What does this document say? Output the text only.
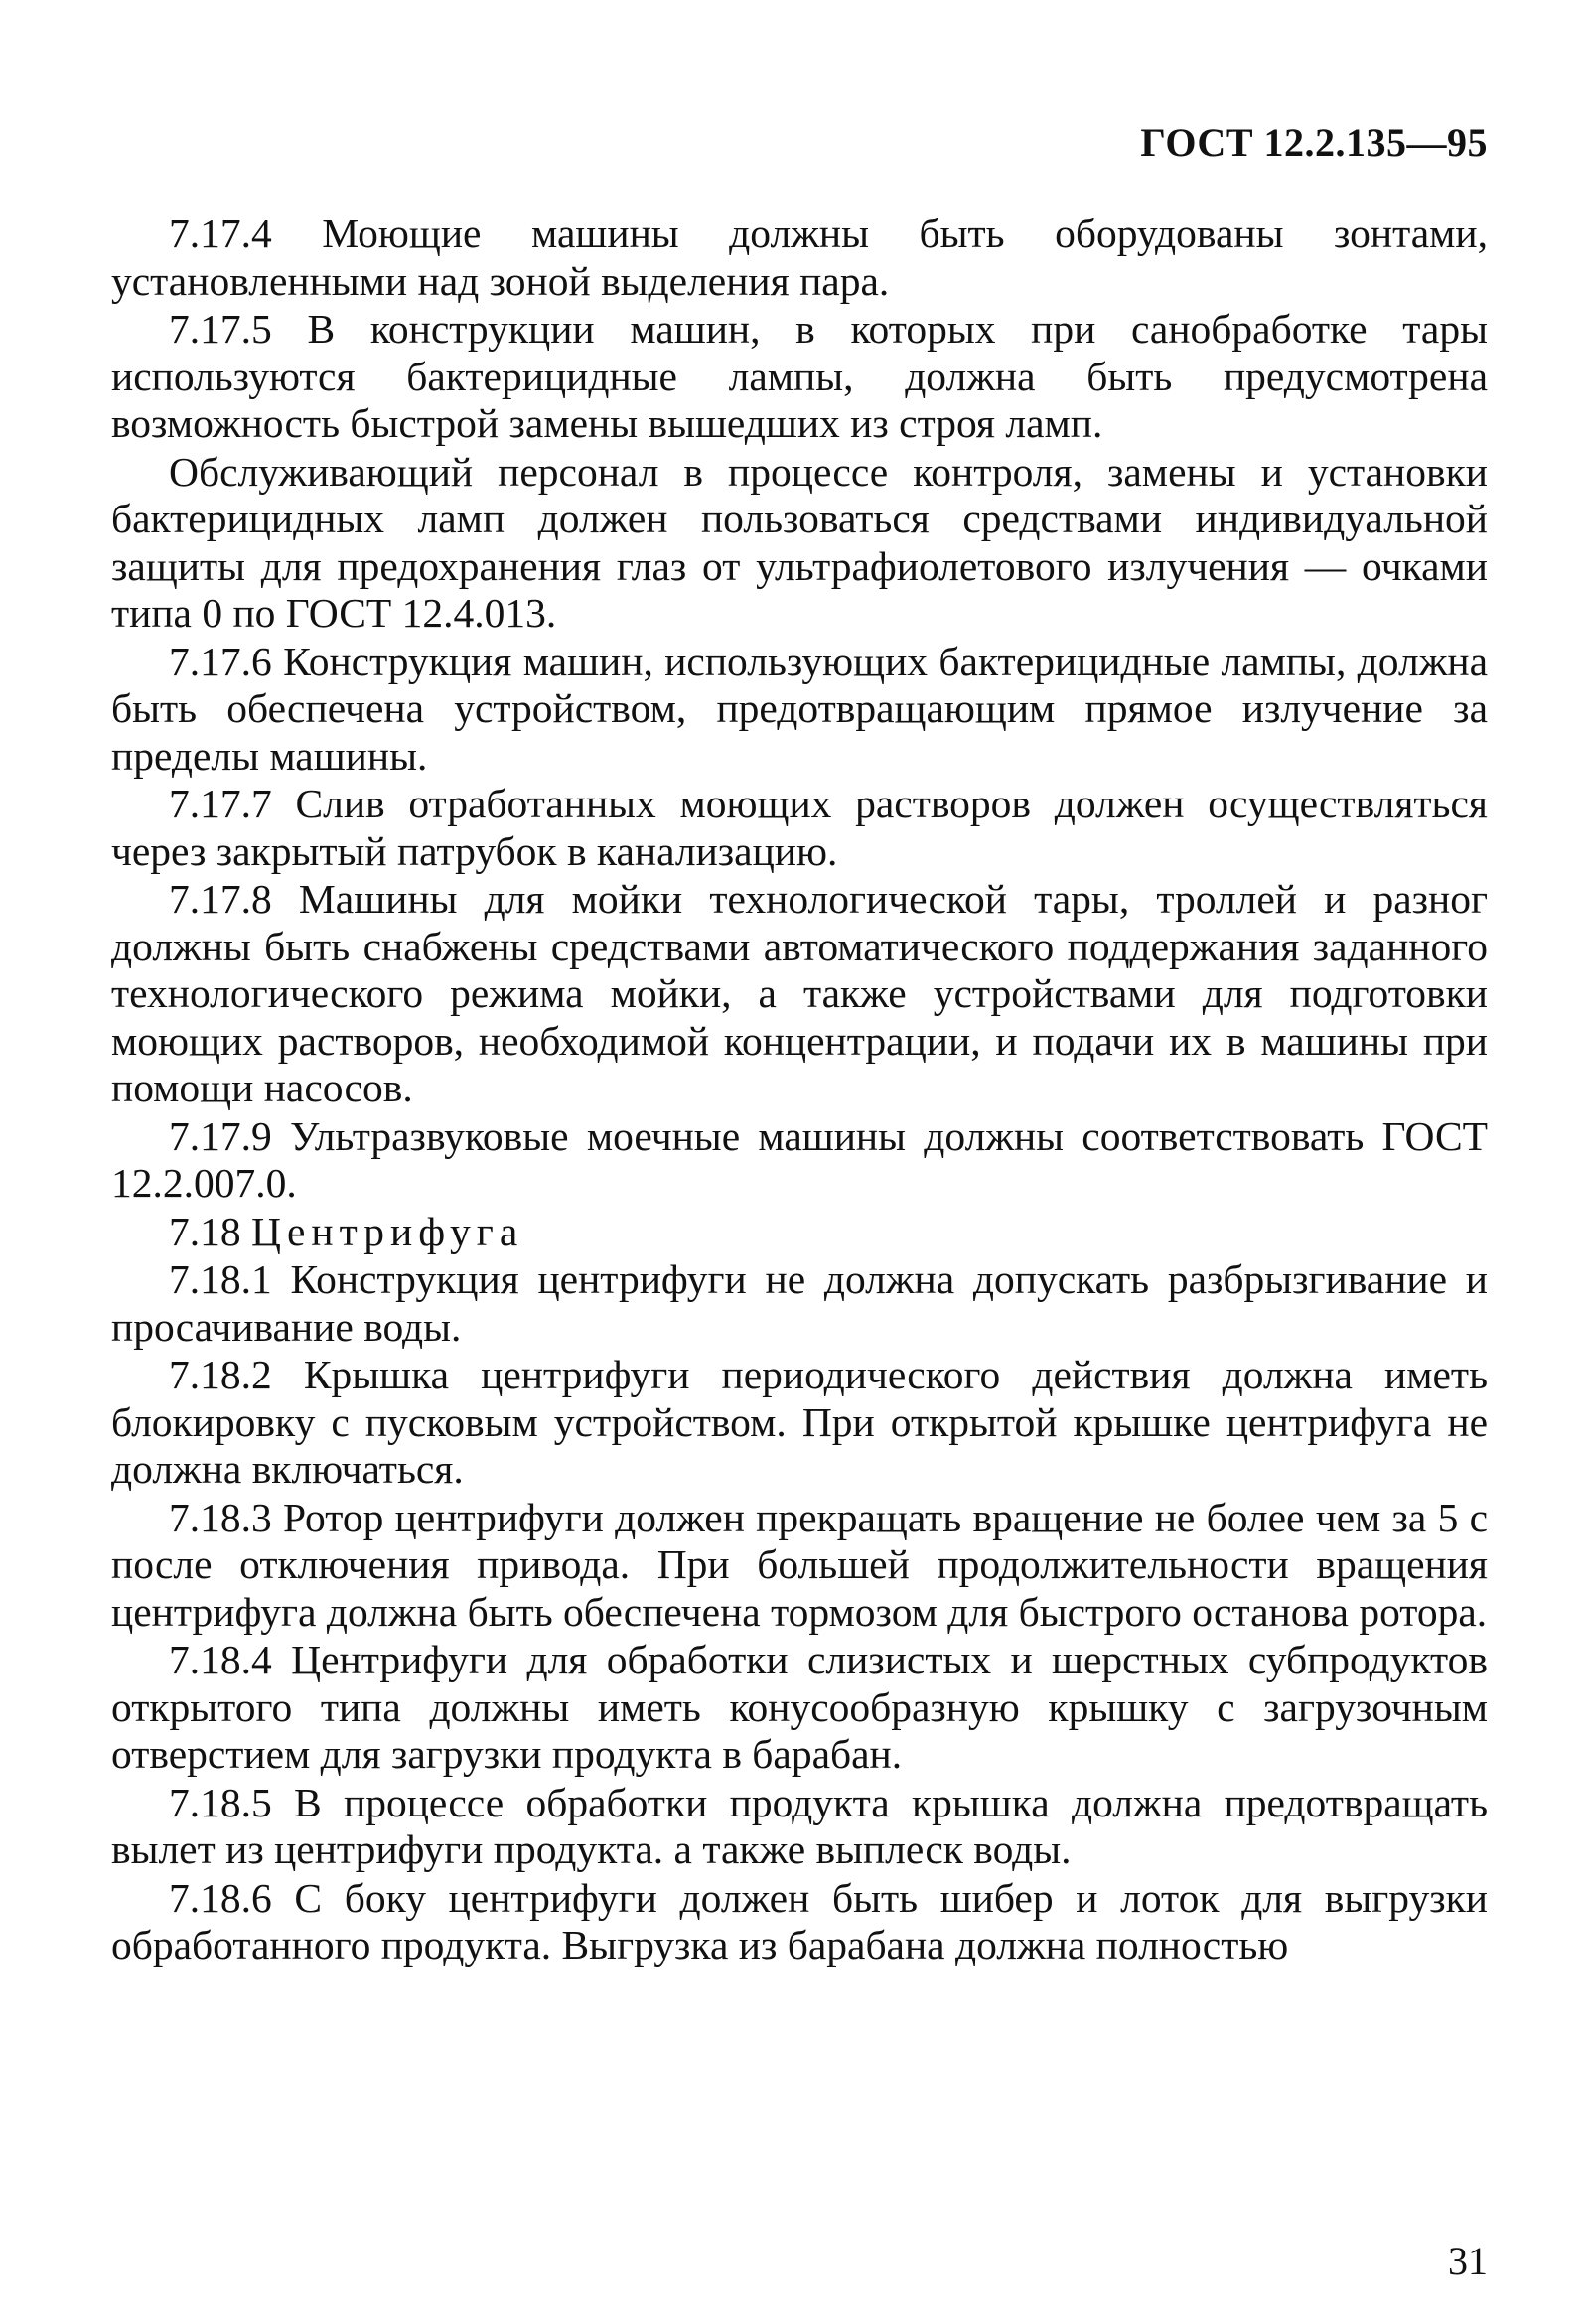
ГОСТ 12.2.135—95

7.17.4 Моющие машины должны быть оборудованы зонтами, установленными над зоной выделения пара.

7.17.5 В конструкции машин, в которых при санобработке тары используются бактерицидные лампы, должна быть предусмотрена возможность быстрой замены вышедших из строя ламп.

Обслуживающий персонал в процессе контроля, замены и установки бактерицидных ламп должен пользоваться средствами индивидуальной защиты для предохранения глаз от ультрафиолетового излучения — очками типа 0 по ГОСТ 12.4.013.

7.17.6 Конструкция машин, использующих бактерицидные лампы, должна быть обеспечена устройством, предотвращающим прямое излучение за пределы машины.

7.17.7 Слив отработанных моющих растворов должен осуществляться через закрытый патрубок в канализацию.

7.17.8 Машины для мойки технологической тары, троллей и разног должны быть снабжены средствами автоматического поддержания заданного технологического режима мойки, а также устройствами для подготовки моющих растворов, необходимой концентрации, и подачи их в машины при помощи насосов.

7.17.9 Ультразвуковые моечные машины должны соответствовать ГОСТ 12.2.007.0.

7.18 Центрифуга

7.18.1 Конструкция центрифуги не должна допускать разбрызгивание и просачивание воды.

7.18.2 Крышка центрифуги периодического действия должна иметь блокировку с пусковым устройством. При открытой крышке центрифуга не должна включаться.

7.18.3 Ротор центрифуги должен прекращать вращение не более чем за 5 с после отключения привода. При большей продолжительности вращения центрифуга должна быть обеспечена тормозом для быстрого останова ротора.

7.18.4 Центрифуги для обработки слизистых и шерстных субпродуктов открытого типа должны иметь конусообразную крышку с загрузочным отверстием для загрузки продукта в барабан.

7.18.5 В процессе обработки продукта крышка должна предотвращать вылет из центрифуги продукта. а также выплеск воды.

7.18.6 С боку центрифуги должен быть шибер и лоток для выгрузки обработанного продукта. Выгрузка из барабана должна полностью

31
